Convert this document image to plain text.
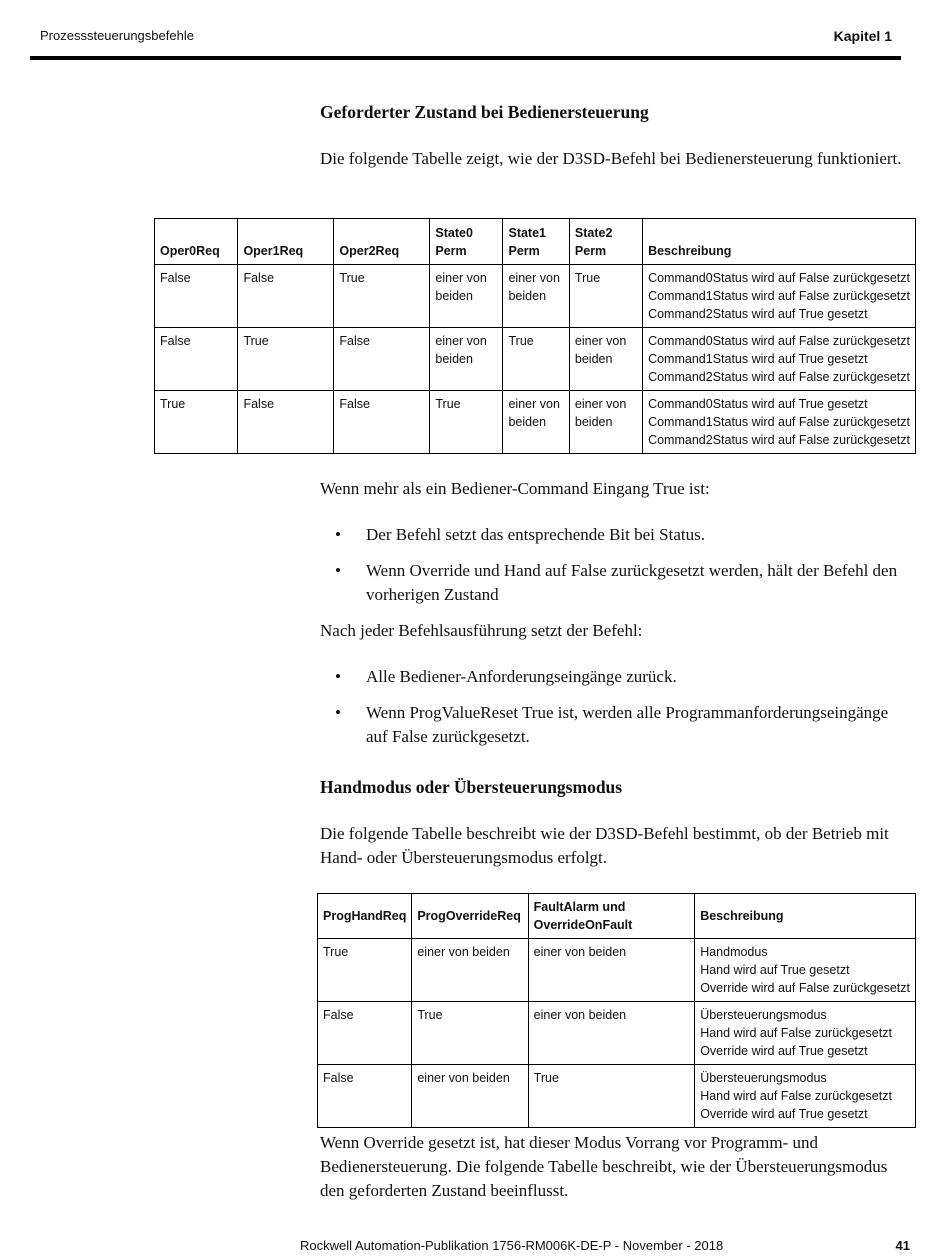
Prozesssteuerungsbefehle	Kapitel 1
Geforderter Zustand bei Bedienersteuerung

Die folgende Tabelle zeigt, wie der D3SD-Befehl bei Bedienersteuerung funktioniert.

Oper0Req	Oper1Req	Oper2Req	State0 Perm	State1 Perm	State2 Perm	Beschreibung
False	False	True	einer von beiden	einer von beiden	True	Command0Status wird auf False zurückgesetzt
Command1Status wird auf False zurückgesetzt
Command2Status wird auf True gesetzt

False	True	False	einer von beiden	True	einer von beiden	Command0Status wird auf False zurückgesetzt
Command1Status wird auf True gesetzt
Command2Status wird auf False zurückgesetzt

True	False	False	True	einer von beiden	einer von beiden	Command0Status wird auf True gesetzt
Command1Status wird auf False zurückgesetzt
Command2Status wird auf False zurückgesetzt

Wenn mehr als ein Bediener-Command Eingang True ist:

• Der Befehl setzt das entsprechende Bit bei Status.
• Wenn Override und Hand auf False zurückgesetzt werden, hält der Befehl den vorherigen Zustand

Nach jeder Befehlsausführung setzt der Befehl:

• Alle Bediener-Anforderungseingänge zurück.
• Wenn ProgValueReset True ist, werden alle Programmanforderungseingänge auf False zurückgesetzt.
Handmodus oder Übersteuerungsmodus

Die folgende Tabelle beschreibt wie der D3SD-Befehl bestimmt, ob der Betrieb mit Hand- oder Übersteuerungsmodus erfolgt.

ProgHandReq	ProgOverrideReq	FaultAlarm und OverrideOnFault	Beschreibung
True	einer von beiden	einer von beiden	Handmodus
Hand wird auf True gesetzt
Override wird auf False zurückgesetzt

False	True	einer von beiden	Übersteuerungsmodus
Hand wird auf False zurückgesetzt
Override wird auf True gesetzt

False	einer von beiden	True	Übersteuerungsmodus
Hand wird auf False zurückgesetzt
Override wird auf True gesetzt

Wenn Override gesetzt ist, hat dieser Modus Vorrang vor Programm- und Bedienersteuerung. Die folgende Tabelle beschreibt, wie der Übersteuerungsmodus den geforderten Zustand beeinflusst.

Rockwell Automation-Publikation 1756-RM006K-DE-P - November - 2018	41
